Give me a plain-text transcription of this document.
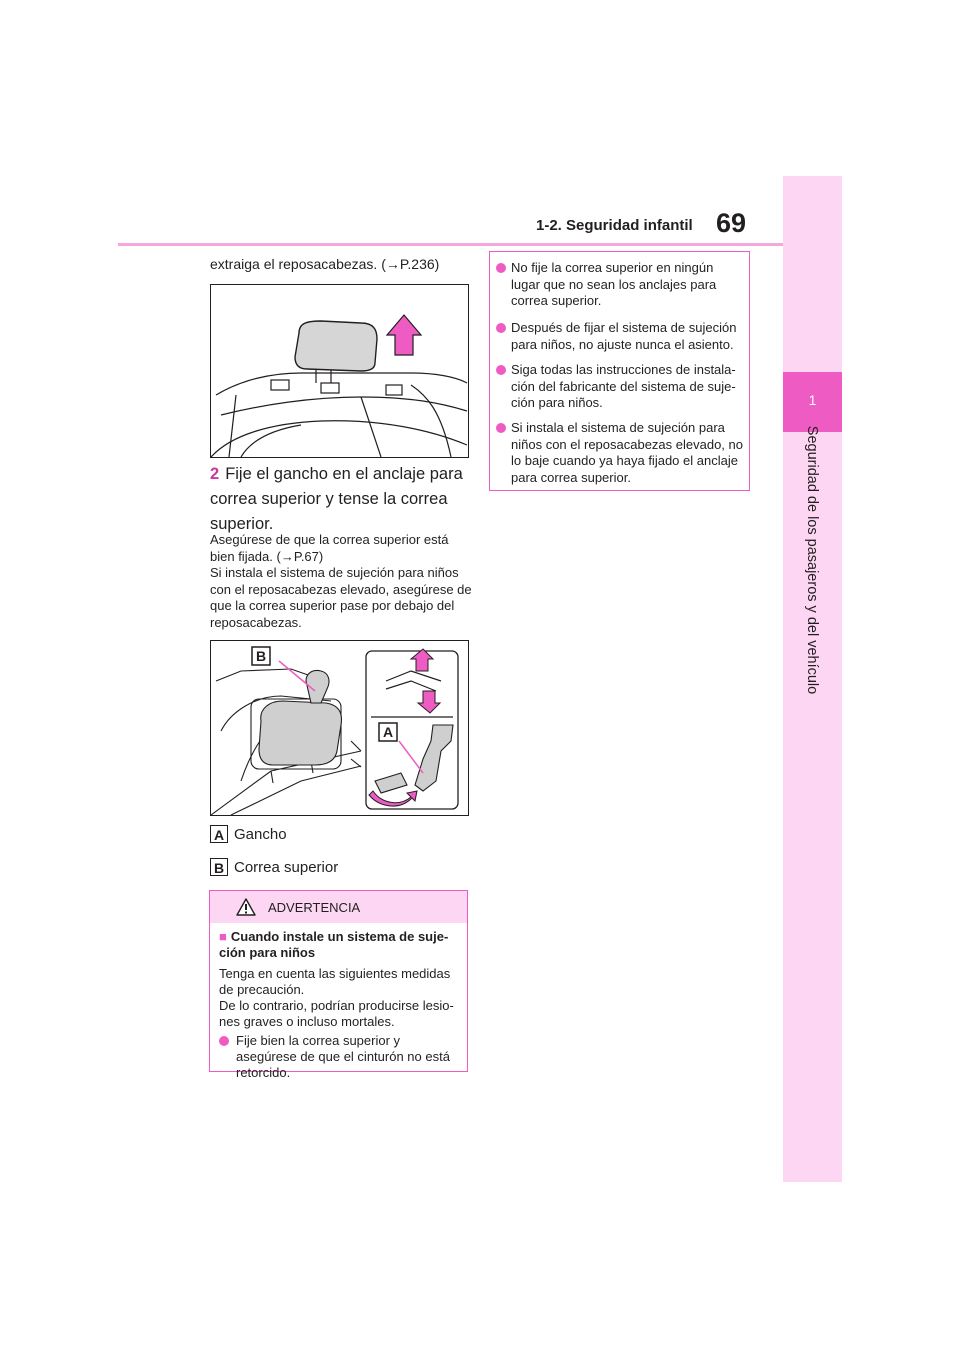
1-2. Seguridad infantil 69
1
Seguridad de los pasajeros y del vehículo
extraiga el reposacabezas. (→P.236)
2 Fije el gancho en el anclaje para correa superior y tense la correa superior.

Asegúrese de que la correa superior está bien fijada. (→P.67)

Si instala el sistema de sujeción para niños con el reposacabezas elevado, asegúrese de que la correa superior pase por debajo del reposacabezas.

B
A
A Gancho
B Correa superior
ADVERTENCIA
■ Cuando instale un sistema de suje-ción para niños

Tenga en cuenta las siguientes medidas de precaución.

De lo contrario, podrían producirse lesio-nes graves o incluso mortales.

Fije bien la correa superior y asegúrese de que el cinturón no está retorcido.
No fije la correa superior en ningún lugar que no sean los anclajes para correa superior.
Después de fijar el sistema de sujeción para niños, no ajuste nunca el asiento.
Siga todas las instrucciones de instala-ción del fabricante del sistema de suje-ción para niños.
Si instala el sistema de sujeción para niños con el reposacabezas elevado, no lo baje cuando ya haya fijado el anclaje para correa superior.
